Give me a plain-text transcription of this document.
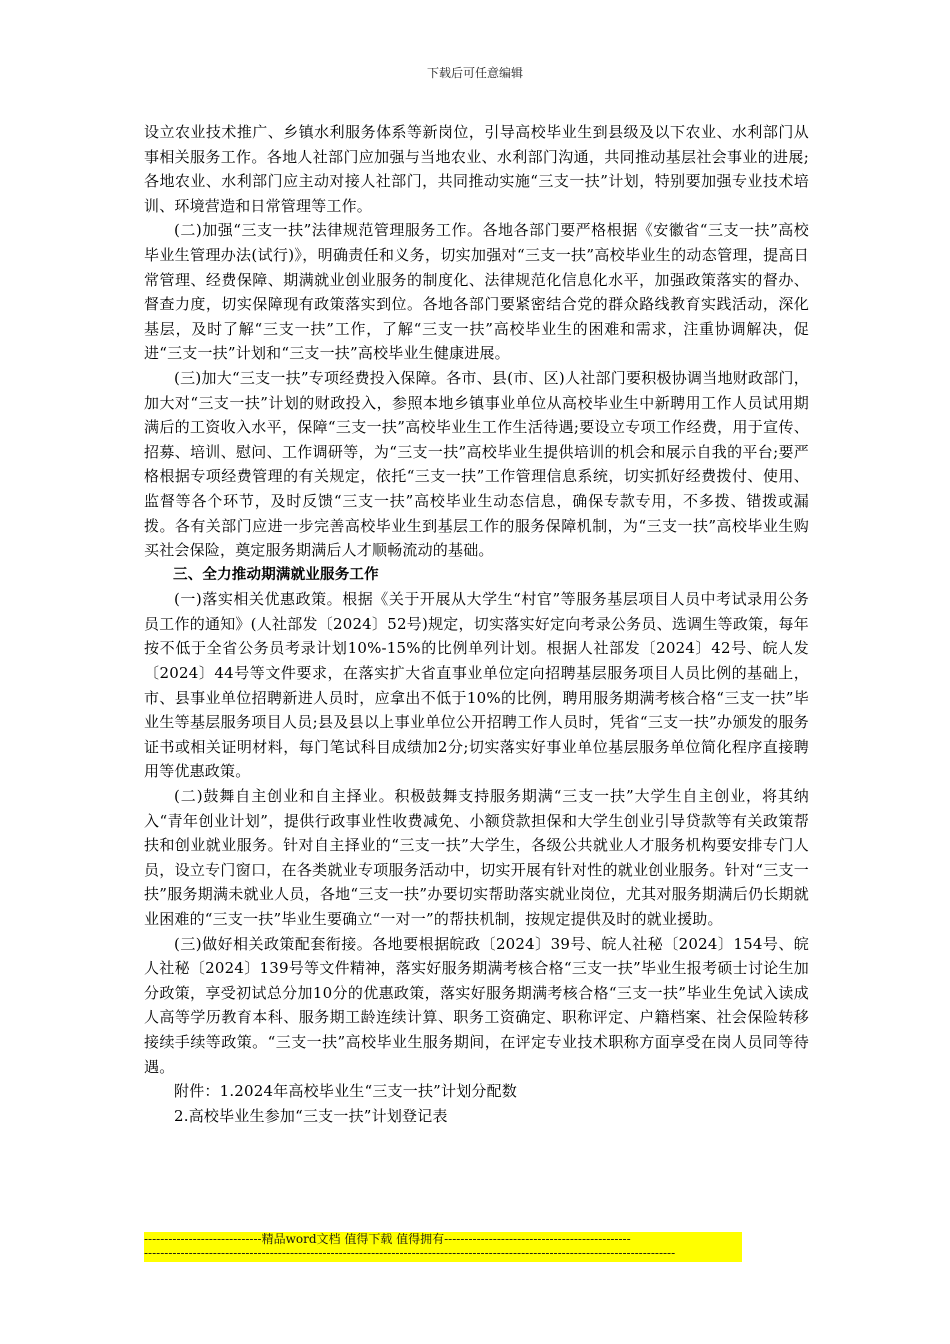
下载后可任意编辑

设立农业技术推广、乡镇水利服务体系等新岗位，引导高校毕业生到县级及以下农业、水利部门从事相关服务工作。各地人社部门应加强与当地农业、水利部门沟通，共同推动基层社会事业的进展;各地农业、水利部门应主动对接人社部门，共同推动实施“三支一扶”计划，特别要加强专业技术培训、环境营造和日常管理等工作。

(二)加强“三支一扶”法律规范管理服务工作。各地各部门要严格根据《安徽省“三支一扶”高校毕业生管理办法(试行)》，明确责任和义务，切实加强对“三支一扶”高校毕业生的动态管理，提高日常管理、经费保障、期满就业创业服务的制度化、法律规范化信息化水平，加强政策落实的督办、督查力度，切实保障现有政策落实到位。各地各部门要紧密结合党的群众路线教育实践活动，深化基层，及时了解“三支一扶”工作，了解“三支一扶”高校毕业生的困难和需求，注重协调解决，促进“三支一扶”计划和“三支一扶”高校毕业生健康进展。

(三)加大“三支一扶”专项经费投入保障。各市、县(市、区)人社部门要积极协调当地财政部门，加大对“三支一扶”计划的财政投入，参照本地乡镇事业单位从高校毕业生中新聘用工作人员试用期满后的工资收入水平，保障“三支一扶”高校毕业生工作生活待遇;要设立专项工作经费，用于宣传、招募、培训、慰问、工作调研等，为“三支一扶”高校毕业生提供培训的机会和展示自我的平台;要严格根据专项经费管理的有关规定，依托“三支一扶”工作管理信息系统，切实抓好经费拨付、使用、监督等各个环节，及时反馈“三支一扶”高校毕业生动态信息，确保专款专用，不多拨、错拨或漏拨。各有关部门应进一步完善高校毕业生到基层工作的服务保障机制，为“三支一扶”高校毕业生购买社会保险，奠定服务期满后人才顺畅流动的基础。

三、全力推动期满就业服务工作

(一)落实相关优惠政策。根据《关于开展从大学生“村官”等服务基层项目人员中考试录用公务员工作的通知》(人社部发〔2024〕52号)规定，切实落实好定向考录公务员、选调生等政策，每年按不低于全省公务员考录计划10%-15%的比例单列计划。根据人社部发〔2024〕42号、皖人发〔2024〕44号等文件要求，在落实扩大省直事业单位定向招聘基层服务项目人员比例的基础上，市、县事业单位招聘新进人员时，应拿出不低于10%的比例，聘用服务期满考核合格“三支一扶”毕业生等基层服务项目人员;县及县以上事业单位公开招聘工作人员时，凭省“三支一扶”办颁发的服务证书或相关证明材料，每门笔试科目成绩加2分;切实落实好事业单位基层服务单位简化程序直接聘用等优惠政策。

(二)鼓舞自主创业和自主择业。积极鼓舞支持服务期满“三支一扶”大学生自主创业，将其纳入“青年创业计划”，提供行政事业性收费减免、小额贷款担保和大学生创业引导贷款等有关政策帮扶和创业就业服务。针对自主择业的“三支一扶”大学生，各级公共就业人才服务机构要安排专门人员，设立专门窗口，在各类就业专项服务活动中，切实开展有针对性的就业创业服务。针对“三支一扶”服务期满未就业人员，各地“三支一扶”办要切实帮助落实就业岗位，尤其对服务期满后仍长期就业困难的“三支一扶”毕业生要确立“一对一”的帮扶机制，按规定提供及时的就业援助。

(三)做好相关政策配套衔接。各地要根据皖政〔2024〕39号、皖人社秘〔2024〕154号、皖人社秘〔2024〕139号等文件精神，落实好服务期满考核合格“三支一扶”毕业生报考硕士讨论生加分政策，享受初试总分加10分的优惠政策，落实好服务期满考核合格“三支一扶”毕业生免试入读成人高等学历教育本科、服务期工龄连续计算、职务工资确定、职称评定、户籍档案、社会保险转移接续手续等政策。“三支一扶”高校毕业生服务期间，在评定专业技术职称方面享受在岗人员同等待遇。

附件：1.2024年高校毕业生“三支一扶”计划分配数

2.高校毕业生参加“三支一扶”计划登记表

-----------------------------精品word文档 值得下载 值得拥有----------------------------------------------
-----------------------------------------------------------------------------------------------------------------------------------
